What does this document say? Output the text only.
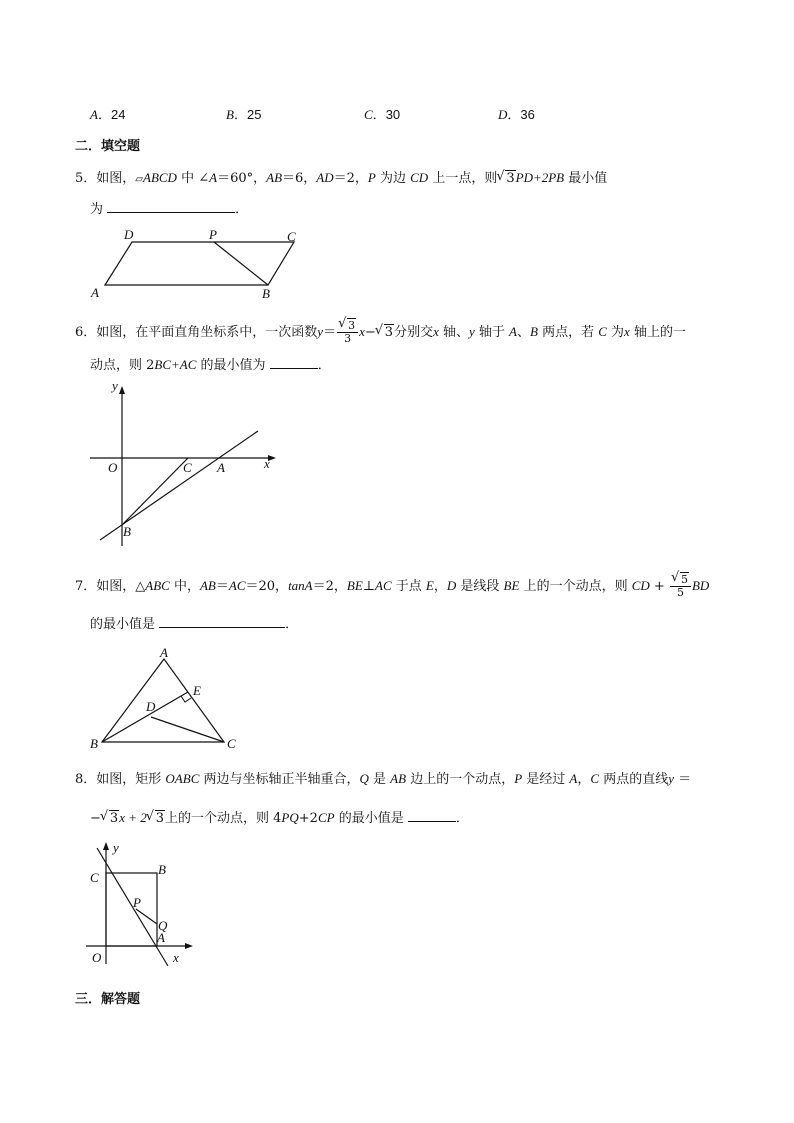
A．24	B．25	C．30	D．36
二．填空题
5．如图，▱ABCD 中 ∠A＝60°，AB＝6，AD＝2，P 为边 CD 上一点，则√ 3PD+2PB 最小值
为	．
A
D	P	C
B
6．如图，在平面直角坐标系中，一次函数y＝
√ $\frac{3}{3} x-√$ 3分别交x 轴、y 轴于 A、B 两点，若 C 为x 轴上的一
动点，则 2BC+AC 的最小值为	．
y
x
O	C A
B
7．如图，△ABC 中，AB＝AC＝20，tanA＝2，BE⊥AC 于点 E，D 是线段 BE 上的一个动点，则 CD +
√ $\frac{5}{5}$ BD
的最小值是	．
A
B	C
D
E
8．如图，矩形 OABC 两边与坐标轴正半轴重合，Q 是 AB 边上的一个动点，P 是经过 A，C 两点的直线y ＝
−√ 3x + 2√ 3上的一个动点，则 4PQ+2CP 的最小值是	．
y
x
O
C
B
P
Q
A
三．解答题
